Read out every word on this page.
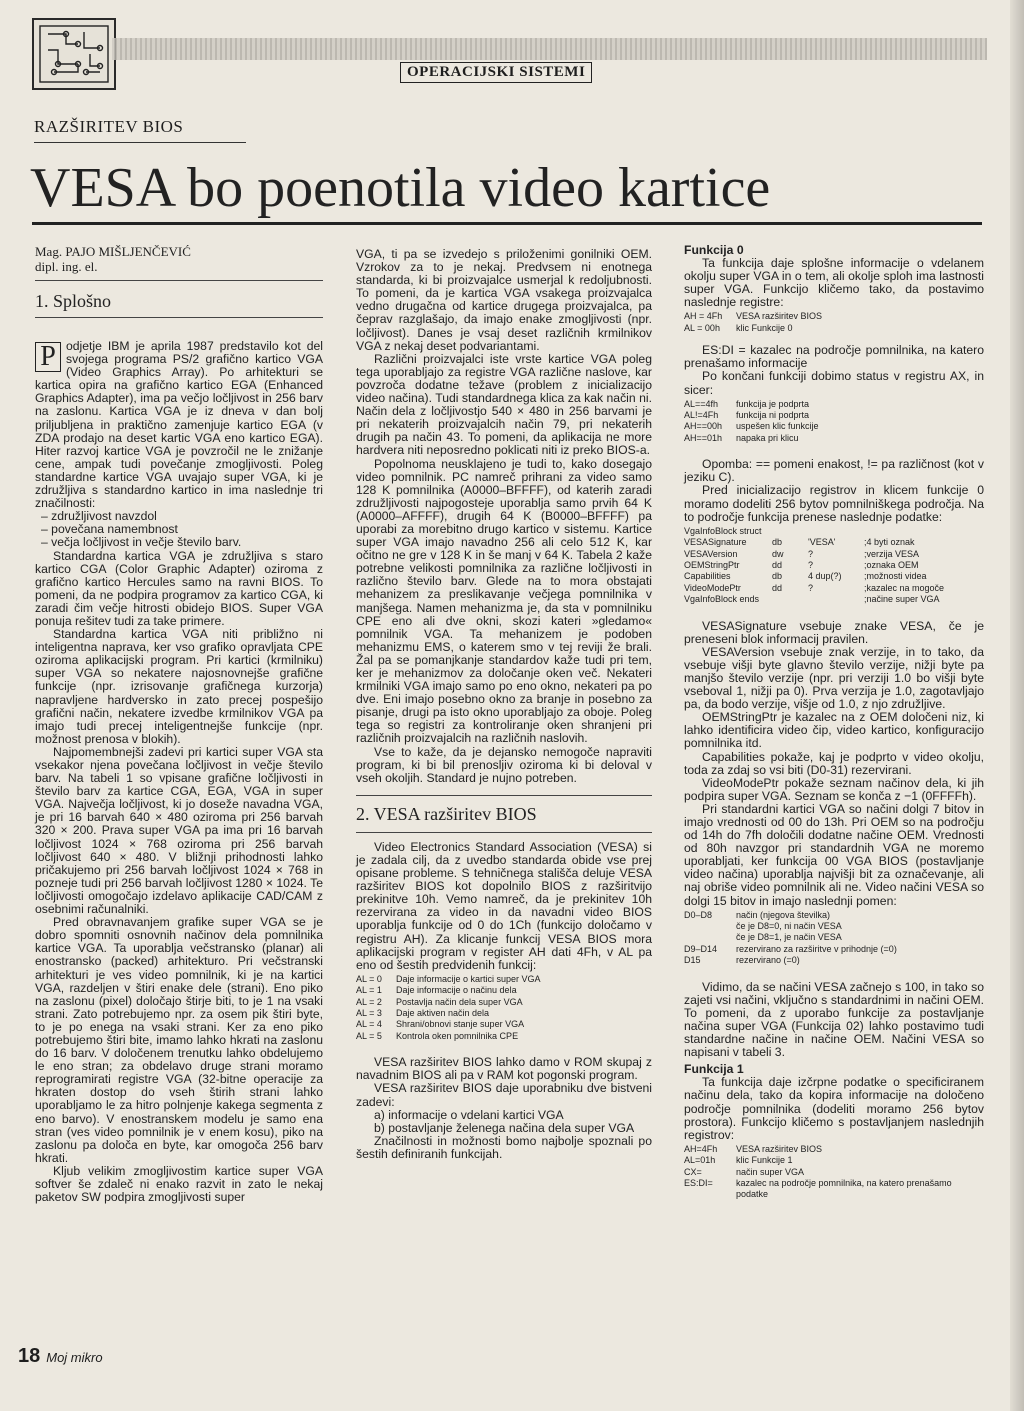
OPERACIJSKI SISTEMI
RAZŠIRITEV BIOS
VESA bo poenotila video kartice

Mag. PAJO MIŠLJENČEVIĆ

dipl. ing. el.

1. Splošno

P odjetje IBM je aprila 1987 predstavilo kot del svojega programa PS/2 grafično kartico VGA (Video Graphics Array). Po arhitekturi se kartica opira na grafično kartico EGA (Enhanced Graphics Adapter), ima pa večjo ločljivost in 256 barv na zaslonu. Kartica VGA je iz dneva v dan bolj priljubljena in praktično zamenjuje kartico EGA (v ZDA prodajo na deset kartic VGA eno kartico EGA). Hiter razvoj kartice VGA je povzročil ne le znižanje cene, ampak tudi povečanje zmogljivosti. Poleg standardne kartice VGA uvajajo super VGA, ki je združljiva s standardno kartico in ima naslednje tri značilnosti:

– združljivost navzdol
– povečana namembnost
– večja ločljivost in večje število barv.

Standardna kartica VGA je združljiva s staro kartico CGA (Color Graphic Adapter) oziroma z grafično kartico Hercules samo na ravni BIOS. To pomeni, da ne podpira programov za kartico CGA, ki zaradi čim večje hitrosti obidejo BIOS. Super VGA ponuja rešitev tudi za take primere.

Standardna kartica VGA niti približno ni inteligentna naprava, ker vso grafiko opravljata CPE oziroma aplikacijski program. Pri kartici (krmilniku) super VGA so nekatere najosnovnejše grafične funkcije (npr. izrisovanje grafičnega kurzorja) napravljene hardversko in zato precej pospešijo grafični način, nekatere izvedbe krmilnikov VGA pa imajo tudi precej inteligentnejše funkcije (npr. možnost prenosa v blokih).

Najpomembnejši zadevi pri kartici super VGA sta vsekakor njena povečana ločljivost in večje število barv. Na tabeli 1 so vpisane grafične ločljivosti in število barv za kartice CGA, EGA, VGA in super VGA. Največja ločljivost, ki jo doseže navadna VGA, je pri 16 barvah 640 × 480 oziroma pri 256 barvah 320 × 200. Prava super VGA pa ima pri 16 barvah ločljivost 1024 × 768 oziroma pri 256 barvah ločljivost 640 × 480. V bližnji prihodnosti lahko pričakujemo pri 256 barvah ločljivost 1024 × 768 in pozneje tudi pri 256 barvah ločljivost 1280 × 1024. Te ločljivosti omogočajo izdelavo aplikacije CAD/CAM z osebnimi računalniki.

Pred obravnavanjem grafike super VGA se je dobro spomniti osnovnih načinov dela pomnilnika kartice VGA. Ta uporablja večstransko (planar) ali enostransko (packed) arhitekturo. Pri večstranski arhitekturi je ves video pomnilnik, ki je na kartici VGA, razdeljen v štiri enake dele (strani). Eno piko na zaslonu (pixel) določajo štirje biti, to je 1 na vsaki strani. Zato potrebujemo npr. za osem pik štiri byte, to je po enega na vsaki strani. Ker za eno piko potrebujemo štiri bite, imamo lahko hkrati na zaslonu do 16 barv. V določenem trenutku lahko obdelujemo le eno stran; za obdelavo druge strani moramo reprogramirati registre VGA (32-bitne operacije za hkraten dostop do vseh štirih strani lahko uporabljamo le za hitro polnjenje kakega segmenta z eno barvo). V enostranskem modelu je samo ena stran (ves video pomnilnik je v enem kosu), piko na zaslonu pa določa en byte, kar omogoča 256 barv hkrati.

Kljub velikim zmogljivostim kartice super VGA softver še zdaleč ni enako razvit in zato le nekaj paketov SW podpira zmogljivosti super

VGA, ti pa se izvedejo s priloženimi gonilniki OEM. Vzrokov za to je nekaj. Predvsem ni enotnega standarda, ki bi proizvajalce usmerjal k redoljubnosti. To pomeni, da je kartica VGA vsakega proizvajalca vedno drugačna od kartice drugega proizvajalca, pa čeprav razglašajo, da imajo enake zmogljivosti (npr. ločljivost). Danes je vsaj deset različnih krmilnikov VGA z nekaj deset podvariantami.

Različni proizvajalci iste vrste kartice VGA poleg tega uporabljajo za registre VGA različne naslove, kar povzroča dodatne težave (problem z inicializacijo video načina). Tudi standardnega klica za kak način ni. Način dela z ločljivostjo 540 × 480 in 256 barvami je pri nekaterih proizvajalcih način 79, pri nekaterih drugih pa način 43. To pomeni, da aplikacija ne more hardvera niti neposredno poklicati niti iz preko BIOS-a.

Popolnoma neusklajeno je tudi to, kako dosegajo video pomnilnik. PC namreč prihrani za video samo 128 K pomnilnika (A0000–BFFFF), od katerih zaradi združljivosti najpogosteje uporablja samo prvih 64 K (A0000–AFFFF), drugih 64 K (B0000–BFFFF) pa uporabi za morebitno drugo kartico v sistemu. Kartice super VGA imajo navadno 256 ali celo 512 K, kar očitno ne gre v 128 K in še manj v 64 K. Tabela 2 kaže potrebne velikosti pomnilnika za različne ločljivosti in različno število barv. Glede na to mora obstajati mehanizem za preslikavanje večjega pomnilnika v manjšega. Namen mehanizma je, da sta v pomnilniku CPE eno ali dve okni, skozi kateri »gledamo« pomnilnik VGA. Ta mehanizem je podoben mehanizmu EMS, o katerem smo v tej reviji že brali. Žal pa se pomanjkanje standardov kaže tudi pri tem, ker je mehanizmov za določanje oken več. Nekateri krmilniki VGA imajo samo po eno okno, nekateri pa po dve. Eni imajo posebno okno za branje in posebno za pisanje, drugi pa isto okno uporabljajo za oboje. Poleg tega so registri za kontroliranje oken shranjeni pri različnih proizvajalcih na različnih naslovih.

Vse to kaže, da je dejansko nemogoče napraviti program, ki bi bil prenosljiv oziroma ki bi deloval v vseh okoljih. Standard je nujno potreben.

2. VESA razširitev BIOS

Video Electronics Standard Association (VESA) si je zadala cilj, da z uvedbo standarda obide vse prej opisane probleme. S tehničnega stališča deluje VESA razširitev BIOS kot dopolnilo BIOS z razširitvijo prekinitve 10h. Vemo namreč, da je prekinitev 10h rezervirana za video in da navadni video BIOS uporablja funkcije od 0 do 1Ch (funkcijo določamo v registru AH). Za klicanje funkcij VESA BIOS mora aplikacijski program v register AH dati 4Fh, v AL pa eno od šestih predvidenih funkcij:

AL = 0	Daje informacije o kartici super VGA
AL = 1	Daje informacije o načinu dela
AL = 2	Postavlja način dela super VGA
AL = 3	Daje aktiven način dela
AL = 4	Shrani/obnovi stanje super VGA
AL = 5	Kontrola oken pomnilnika CPE

VESA razširitev BIOS lahko damo v ROM skupaj z navadnim BIOS ali pa v RAM kot pogonski program.

VESA razširitev BIOS daje uporabniku dve bistveni zadevi:

a) informacije o vdelani kartici VGA

b) postavljanje želenega načina dela super VGA

Značilnosti in možnosti bomo najbolje spoznali po šestih definiranih funkcijah.

Funkcija 0

Ta funkcija daje splošne informacije o vdelanem okolju super VGA in o tem, ali okolje sploh ima lastnosti super VGA. Funkcijo kličemo tako, da postavimo naslednje registre:

AH = 4Fh	VESA razširitev BIOS
AL = 00h	klic Funkcije 0

ES:DI = kazalec na področje pomnilnika, na katero prenašamo informacije

Po končani funkciji dobimo status v registru AX, in sicer:

AL==4fh	funkcija je podprta
AL!=4Fh	funkcija ni podprta
AH==00h	uspešen klic funkcije
AH==01h	napaka pri klicu

Opomba: == pomeni enakost, != pa različnost (kot v jeziku C).

Pred inicializacijo registrov in klicem funkcije 0 moramo dodeliti 256 bytov pomnilniškega področja. Na to področje funkcija prenese naslednje podatke:

VgaInfoBlock struct
VESASignature	db	'VESA'	;4 byti oznak
VESAVersion	dw	?	;verzija VESA
OEMStringPtr	dd	?	;oznaka OEM
Capabilities	db	4 dup(?)	;možnosti videa
VideoModePtr	dd	?	;kazalec na mogoče
VgaInfoBlock ends	;načine super VGA

VESASignature vsebuje znake VESA, če je preneseni blok informacij pravilen.

VESAVersion vsebuje znak verzije, in to tako, da vsebuje višji byte glavno število verzije, nižji byte pa manjšo število verzije (npr. pri verziji 1.0 bo višji byte vseboval 1, nižji pa 0). Prva verzija je 1.0, zagotavljajo pa, da bodo verzije, višje od 1.0, z njo združljive.

OEMStringPtr je kazalec na z OEM določeni niz, ki lahko identificira video čip, video kartico, konfiguracijo pomnilnika itd.

Capabilities pokaže, kaj je podprto v video okolju, toda za zdaj so vsi biti (D0-31) rezervirani.

VideoModePtr pokaže seznam načinov dela, ki jih podpira super VGA. Seznam se konča z −1 (0FFFFh).

Pri standardni kartici VGA so načini dolgi 7 bitov in imajo vrednosti od 00 do 13h. Pri OEM so na področju od 14h do 7fh določili dodatne načine OEM. Vrednosti od 80h navzgor pri standardnih VGA ne moremo uporabljati, ker funkcija 00 VGA BIOS (postavljanje video načina) uporablja najvišji bit za označevanje, ali naj obriše video pomnilnik ali ne. Video načini VESA so dolgi 15 bitov in imajo naslednji pomen:

D0–D8	način (njegova številka)
če je D8=0, ni način VESA
če je D8=1, je način VESA
D9–D14	rezervirano za razširitve v prihodnje (=0)
D15	rezervirano (=0)

Vidimo, da se načini VESA začnejo s 100, in tako so zajeti vsi načini, vključno s standardnimi in načini OEM. To pomeni, da z uporabo funkcije za postavljanje načina super VGA (Funkcija 02) lahko postavimo tudi standardne načine in načine OEM. Načini VESA so napisani v tabeli 3.

Funkcija 1

Ta funkcija daje izčrpne podatke o specificiranem načinu dela, tako da kopira informacije na določeno področje pomnilnika (dodeliti moramo 256 bytov prostora). Funkcijo kličemo s postavljanjem naslednjih registrov:

AH=4Fh	VESA razširitev BIOS
AL=01h	klic Funkcije 1
CX=	način super VGA
ES:DI=	kazalec na področje pomnilnika, na katero prenašamo podatke
18 Moj mikro
